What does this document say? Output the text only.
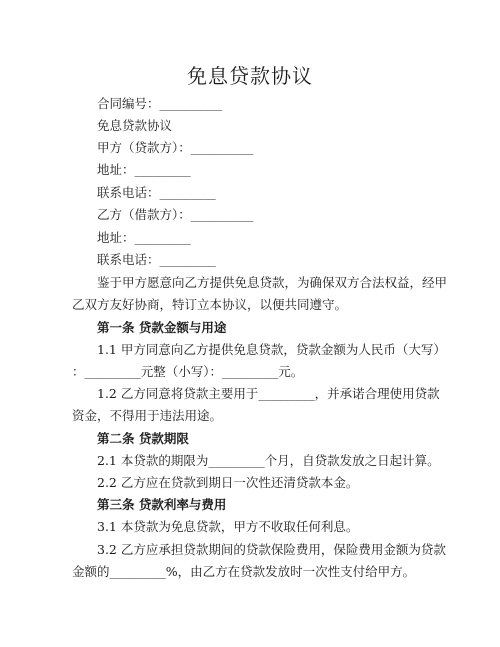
免息贷款协议
合同编号：__________
免息贷款协议
甲方（贷款方）：__________
地址：_________
联系电话：_________
乙方（借款方）：__________
地址：_________
联系电话：_________
鉴于甲方愿意向乙方提供免息贷款，为确保双方合法权益，经甲
乙双方友好协商，特订立本协议，以便共同遵守。
第一条 贷款金额与用途
1.1 甲方同意向乙方提供免息贷款，贷款金额为人民币（大写）
：_________元整（小写）：_________元。
1.2 乙方同意将贷款主要用于_________，并承诺合理使用贷款
资金，不得用于违法用途。
第二条 贷款期限
2.1 本贷款的期限为_________个月，自贷款发放之日起计算。
2.2 乙方应在贷款到期日一次性还清贷款本金。
第三条 贷款利率与费用
3.1 本贷款为免息贷款，甲方不收取任何利息。
3.2 乙方应承担贷款期间的贷款保险费用，保险费用金额为贷款
金额的_________%，由乙方在贷款发放时一次性支付给甲方。
